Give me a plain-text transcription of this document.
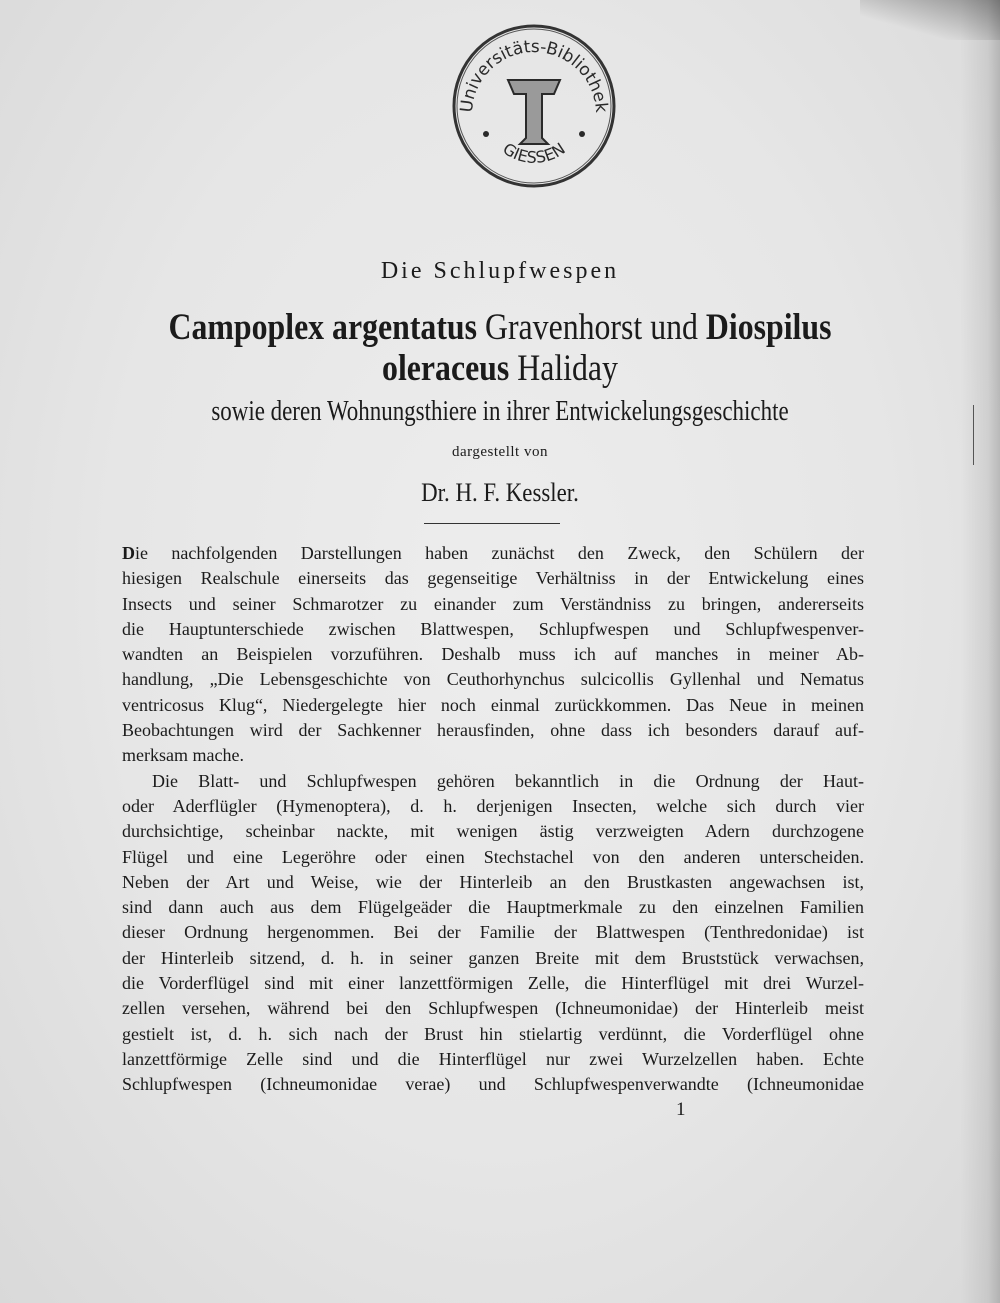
Universitäts-Bibliothek
GIESSEN
Die Schlupfwespen
Campoplex argentatus Gravenhorst und Diospilus
oleraceus Haliday
sowie deren Wohnungsthiere in ihrer Entwickelungsgeschichte
dargestellt von
Dr. H. F. Kessler.
Die nachfolgenden Darstellungen haben zunächst den Zweck, den Schülern der
hiesigen Realschule einerseits das gegenseitige Verhältniss in der Entwickelung eines
Insects und seiner Schmarotzer zu einander zum Verständniss zu bringen, andererseits
die Hauptunterschiede zwischen Blattwespen, Schlupfwespen und Schlupfwespenver-
wandten an Beispielen vorzuführen. Deshalb muss ich auf manches in meiner Ab-
handlung, „Die Lebensgeschichte von Ceuthorhynchus sulcicollis Gyllenhal und Nematus
ventricosus Klug“, Niedergelegte hier noch einmal zurückkommen. Das Neue in meinen
Beobachtungen wird der Sachkenner herausfinden, ohne dass ich besonders darauf auf-
merksam mache.
Die Blatt- und Schlupfwespen gehören bekanntlich in die Ordnung der Haut-
oder Aderflügler (Hymenoptera), d. h. derjenigen Insecten, welche sich durch vier
durchsichtige, scheinbar nackte, mit wenigen ästig verzweigten Adern durchzogene
Flügel und eine Legeröhre oder einen Stechstachel von den anderen unterscheiden.
Neben der Art und Weise, wie der Hinterleib an den Brustkasten angewachsen ist,
sind dann auch aus dem Flügelgeäder die Hauptmerkmale zu den einzelnen Familien
dieser Ordnung hergenommen. Bei der Familie der Blattwespen (Tenthredonidae) ist
der Hinterleib sitzend, d. h. in seiner ganzen Breite mit dem Bruststück verwachsen,
die Vorderflügel sind mit einer lanzettförmigen Zelle, die Hinterflügel mit drei Wurzel-
zellen versehen, während bei den Schlupfwespen (Ichneumonidae) der Hinterleib meist
gestielt ist, d. h. sich nach der Brust hin stielartig verdünnt, die Vorderflügel ohne
lanzettförmige Zelle sind und die Hinterflügel nur zwei Wurzelzellen haben. Echte
Schlupfwespen (Ichneumonidae verae) und Schlupfwespenverwandte (Ichneumonidae
1
